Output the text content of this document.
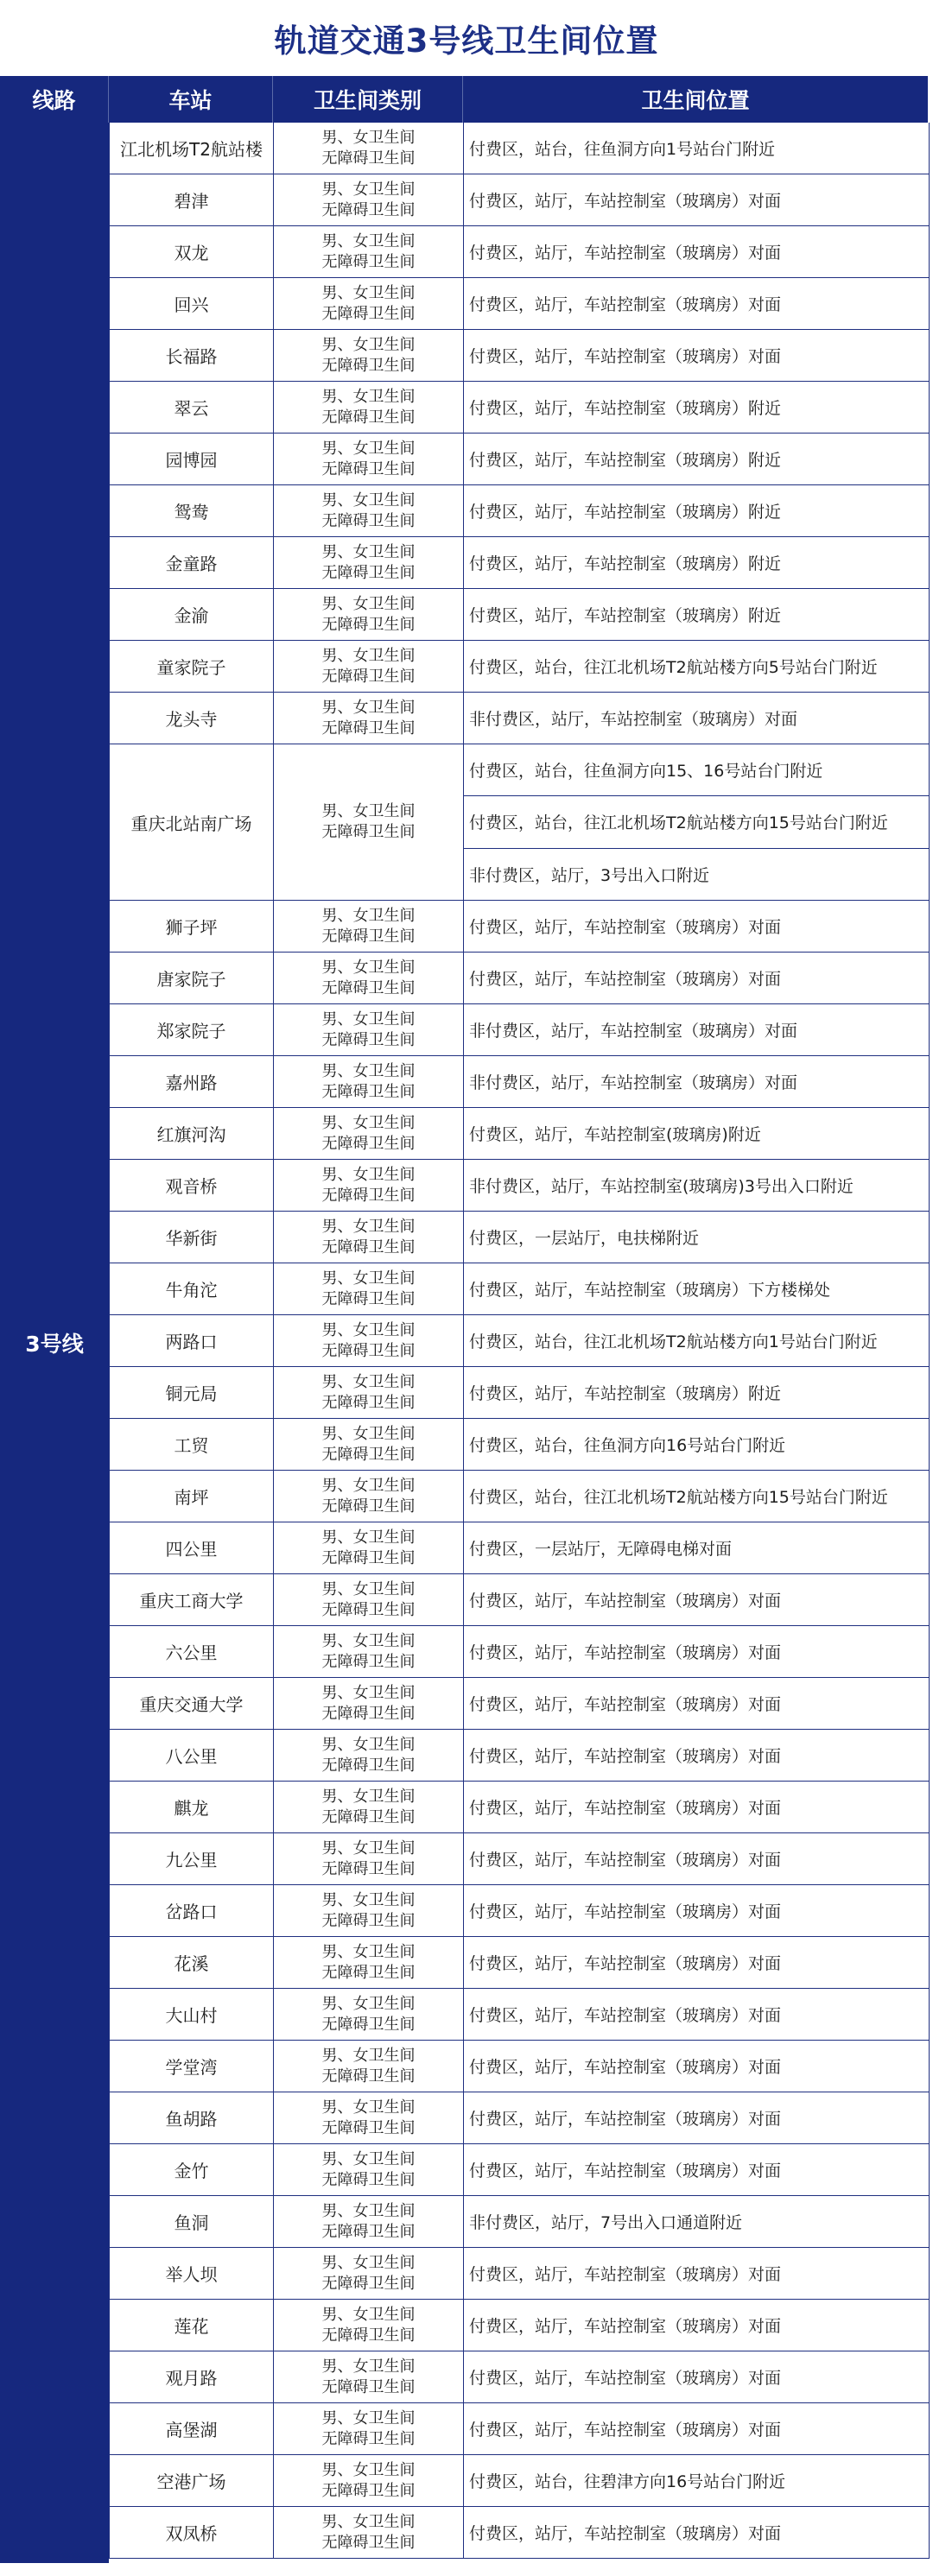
轨道交通3号线卫生间位置
线路	车站	卫生间类别	卫生间位置
3号线
江北机场T2航站楼
男、女卫生间
无障碍卫生间	付费区，站台，往鱼洞方向1号站台门附近
碧津
男、女卫生间
无障碍卫生间	付费区，站厅，车站控制室（玻璃房）对面
双龙
男、女卫生间
无障碍卫生间	付费区，站厅，车站控制室（玻璃房）对面
回兴
男、女卫生间
无障碍卫生间	付费区，站厅，车站控制室（玻璃房）对面
长福路
男、女卫生间
无障碍卫生间	付费区，站厅，车站控制室（玻璃房）对面
翠云
男、女卫生间
无障碍卫生间	付费区，站厅，车站控制室（玻璃房）附近
园博园
男、女卫生间
无障碍卫生间	付费区，站厅，车站控制室（玻璃房）附近
鸳鸯
男、女卫生间
无障碍卫生间	付费区，站厅，车站控制室（玻璃房）附近
金童路
男、女卫生间
无障碍卫生间	付费区，站厅，车站控制室（玻璃房）附近
金渝
男、女卫生间
无障碍卫生间	付费区，站厅，车站控制室（玻璃房）附近
童家院子
男、女卫生间
无障碍卫生间	付费区，站台，往江北机场T2航站楼方向5号站台门附近
龙头寺
男、女卫生间
无障碍卫生间	非付费区，站厅，车站控制室（玻璃房）对面
重庆北站南广场
男、女卫生间
无障碍卫生间
付费区，站台，往鱼洞方向15、16号站台门附近
付费区，站台，往江北机场T2航站楼方向15号站台门附近
非付费区，站厅，3号出入口附近
狮子坪
男、女卫生间
无障碍卫生间	付费区，站厅，车站控制室（玻璃房）对面
唐家院子
男、女卫生间
无障碍卫生间	付费区，站厅，车站控制室（玻璃房）对面
郑家院子
男、女卫生间
无障碍卫生间	非付费区，站厅，车站控制室（玻璃房）对面
嘉州路
男、女卫生间
无障碍卫生间	非付费区，站厅，车站控制室（玻璃房）对面
红旗河沟
男、女卫生间
无障碍卫生间	付费区，站厅，车站控制室(玻璃房)附近
观音桥
男、女卫生间
无障碍卫生间	非付费区，站厅，车站控制室(玻璃房)3号出入口附近
华新街
男、女卫生间
无障碍卫生间	付费区，一层站厅，电扶梯附近
牛角沱
男、女卫生间
无障碍卫生间	付费区，站厅，车站控制室（玻璃房）下方楼梯处
两路口
男、女卫生间
无障碍卫生间	付费区，站台，往江北机场T2航站楼方向1号站台门附近
铜元局
男、女卫生间
无障碍卫生间	付费区，站厅，车站控制室（玻璃房）附近
工贸
男、女卫生间
无障碍卫生间	付费区，站台，往鱼洞方向16号站台门附近
南坪
男、女卫生间
无障碍卫生间	付费区，站台，往江北机场T2航站楼方向15号站台门附近
四公里
男、女卫生间
无障碍卫生间	付费区，一层站厅，无障碍电梯对面
重庆工商大学
男、女卫生间
无障碍卫生间	付费区，站厅，车站控制室（玻璃房）对面
六公里
男、女卫生间
无障碍卫生间	付费区，站厅，车站控制室（玻璃房）对面
重庆交通大学
男、女卫生间
无障碍卫生间	付费区，站厅，车站控制室（玻璃房）对面
八公里
男、女卫生间
无障碍卫生间	付费区，站厅，车站控制室（玻璃房）对面
麒龙
男、女卫生间
无障碍卫生间	付费区，站厅，车站控制室（玻璃房）对面
九公里
男、女卫生间
无障碍卫生间	付费区，站厅，车站控制室（玻璃房）对面
岔路口
男、女卫生间
无障碍卫生间	付费区，站厅，车站控制室（玻璃房）对面
花溪
男、女卫生间
无障碍卫生间	付费区，站厅，车站控制室（玻璃房）对面
大山村
男、女卫生间
无障碍卫生间	付费区，站厅，车站控制室（玻璃房）对面
学堂湾
男、女卫生间
无障碍卫生间	付费区，站厅，车站控制室（玻璃房）对面
鱼胡路
男、女卫生间
无障碍卫生间	付费区，站厅，车站控制室（玻璃房）对面
金竹
男、女卫生间
无障碍卫生间	付费区，站厅，车站控制室（玻璃房）对面
鱼洞
男、女卫生间
无障碍卫生间	非付费区，站厅，7号出入口通道附近
举人坝
男、女卫生间
无障碍卫生间	付费区，站厅，车站控制室（玻璃房）对面
莲花
男、女卫生间
无障碍卫生间	付费区，站厅，车站控制室（玻璃房）对面
观月路
男、女卫生间
无障碍卫生间	付费区，站厅，车站控制室（玻璃房）对面
高堡湖
男、女卫生间
无障碍卫生间	付费区，站厅，车站控制室（玻璃房）对面
空港广场
男、女卫生间
无障碍卫生间	付费区，站台，往碧津方向16号站台门附近
双凤桥
男、女卫生间
无障碍卫生间	付费区，站厅，车站控制室（玻璃房）对面
